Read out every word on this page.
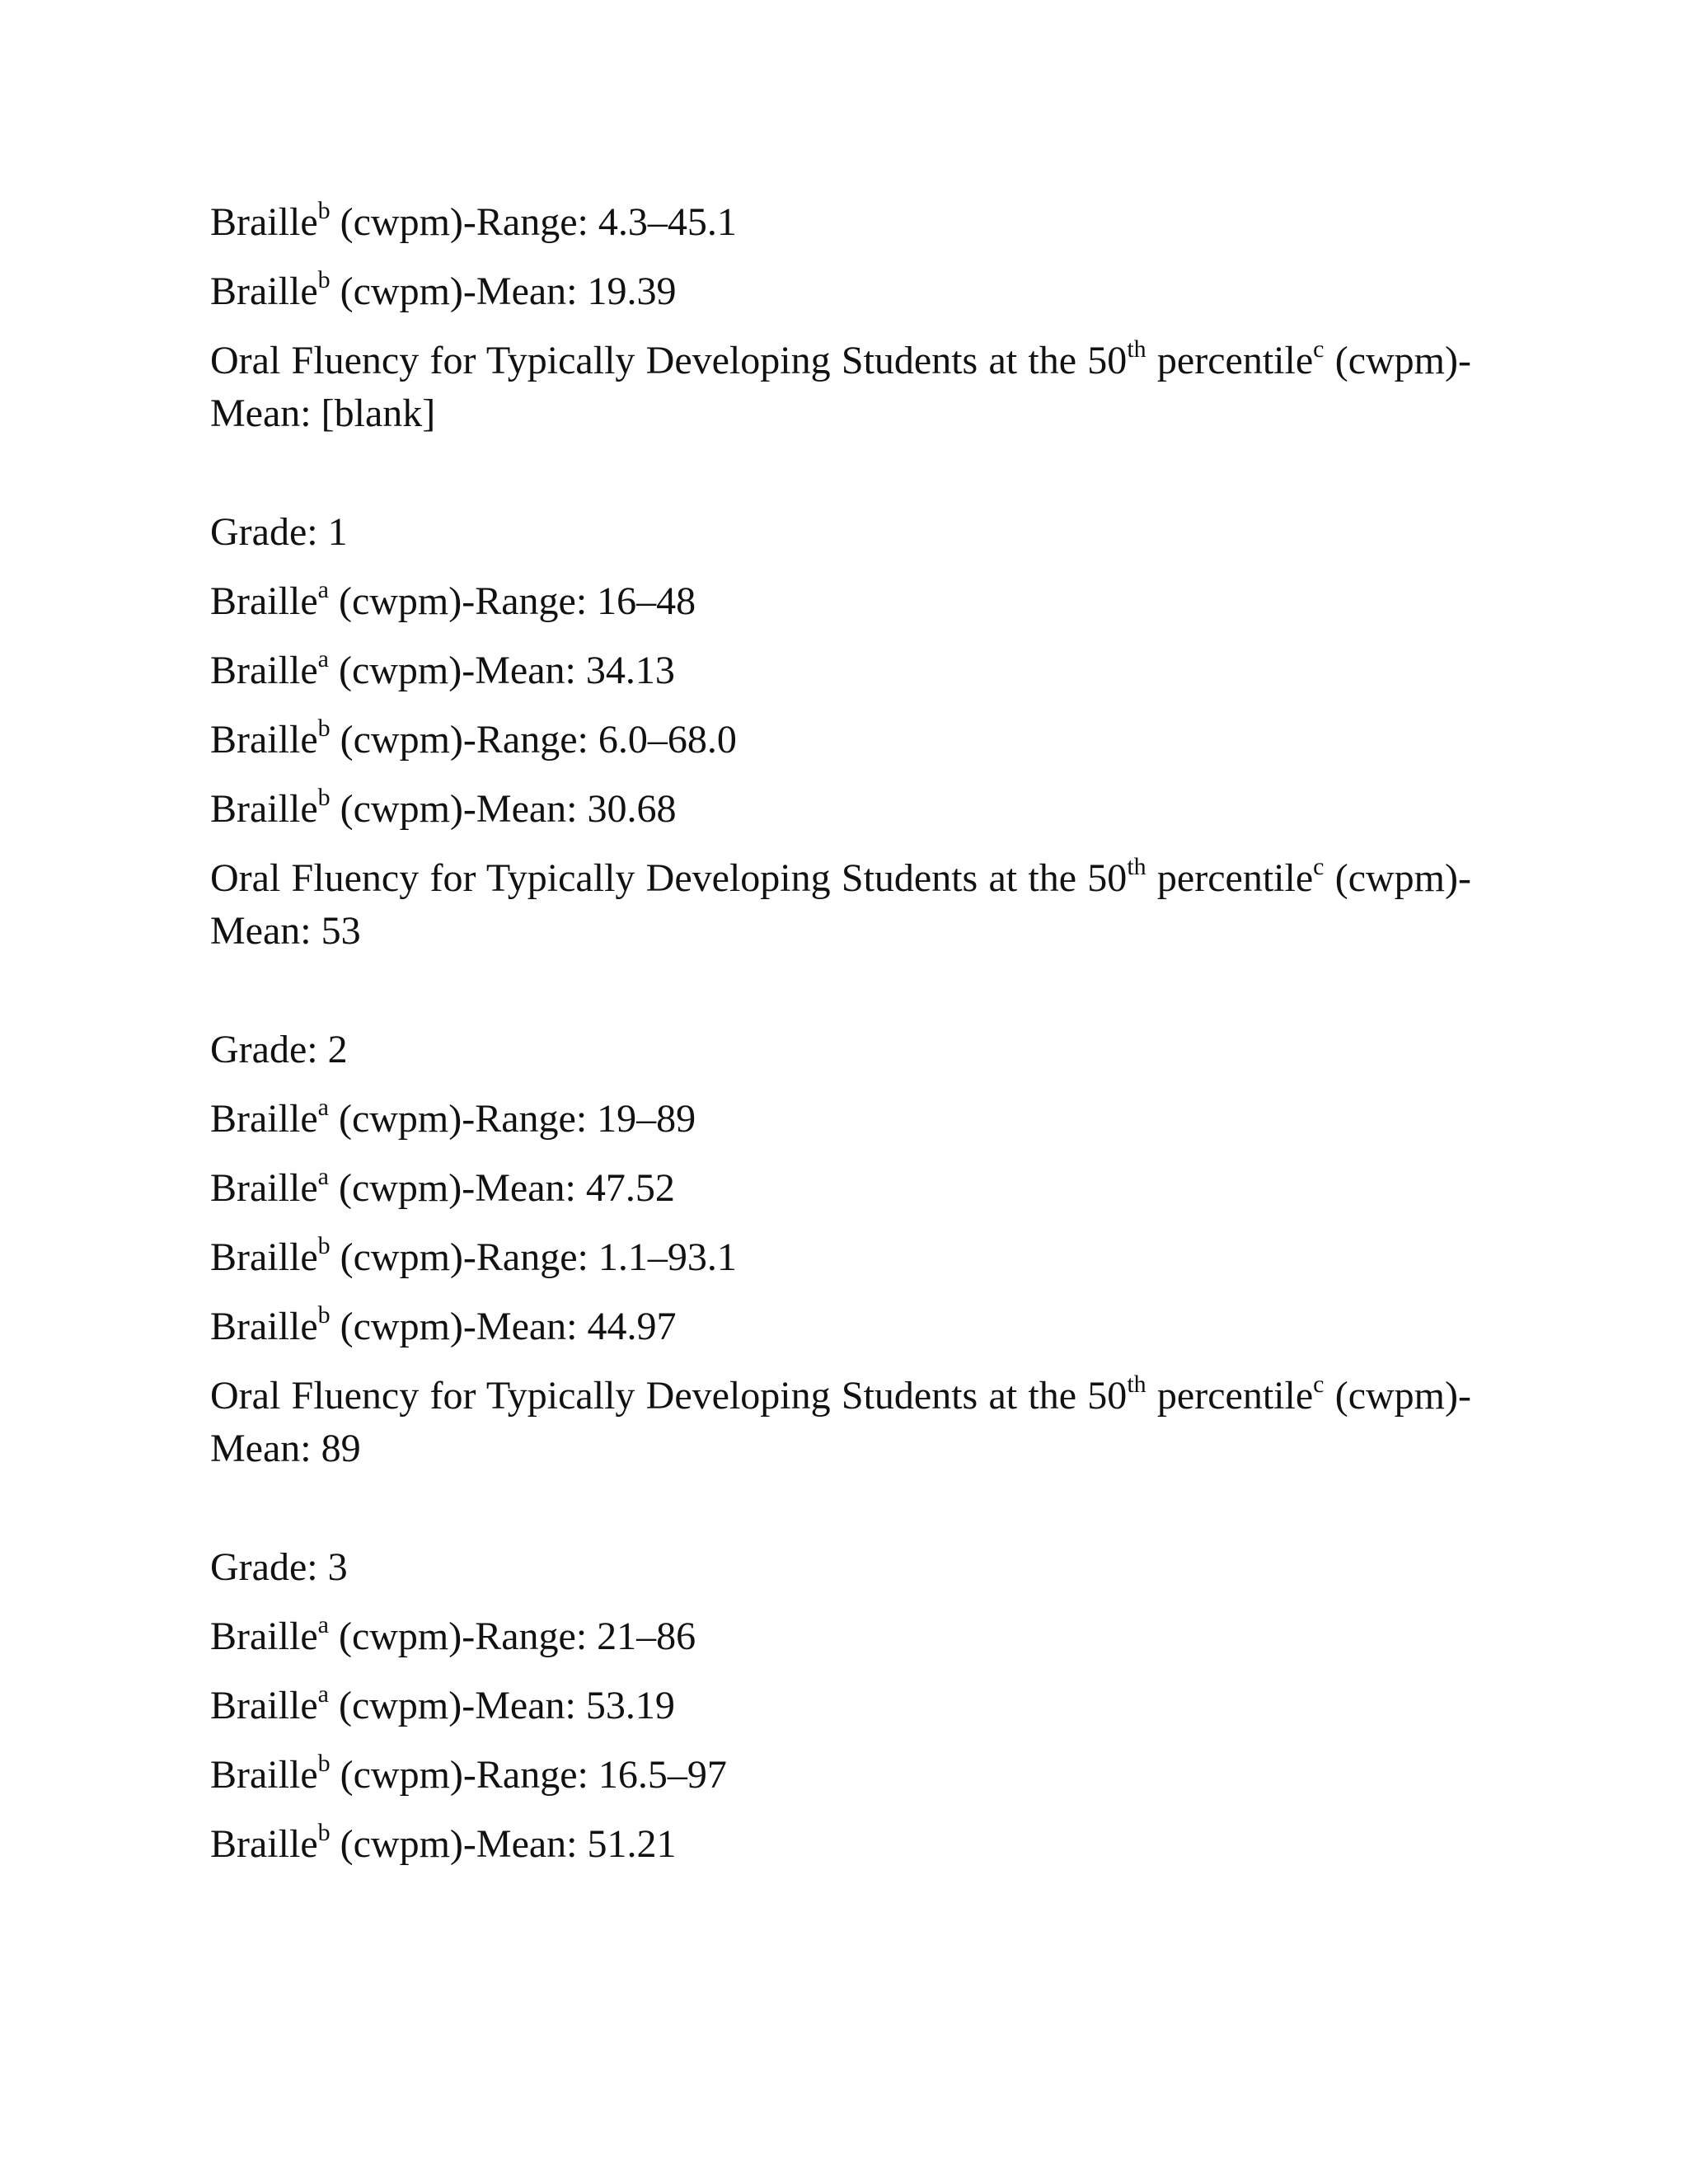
Braille$^b$ (cwpm)-Range: 4.3–45.1
Braille$^b$ (cwpm)-Mean: 19.39
Oral Fluency for Typically Developing Students at the 50th percentile$^c$ (cwpm)-Mean: [blank]
Grade: 1
Braille$^a$ (cwpm)-Range: 16–48
Braille$^a$ (cwpm)-Mean: 34.13
Braille$^b$ (cwpm)-Range: 6.0–68.0
Braille$^b$ (cwpm)-Mean: 30.68
Oral Fluency for Typically Developing Students at the 50th percentile$^c$ (cwpm)-Mean: 53
Grade: 2
Braille$^a$ (cwpm)-Range: 19–89
Braille$^a$ (cwpm)-Mean: 47.52
Braille$^b$ (cwpm)-Range: 1.1–93.1
Braille$^b$ (cwpm)-Mean: 44.97
Oral Fluency for Typically Developing Students at the 50th percentile$^c$ (cwpm)-Mean: 89
Grade: 3
Braille$^a$ (cwpm)-Range: 21–86
Braille$^a$ (cwpm)-Mean: 53.19
Braille$^b$ (cwpm)-Range: 16.5–97
Braille$^b$ (cwpm)-Mean: 51.21
